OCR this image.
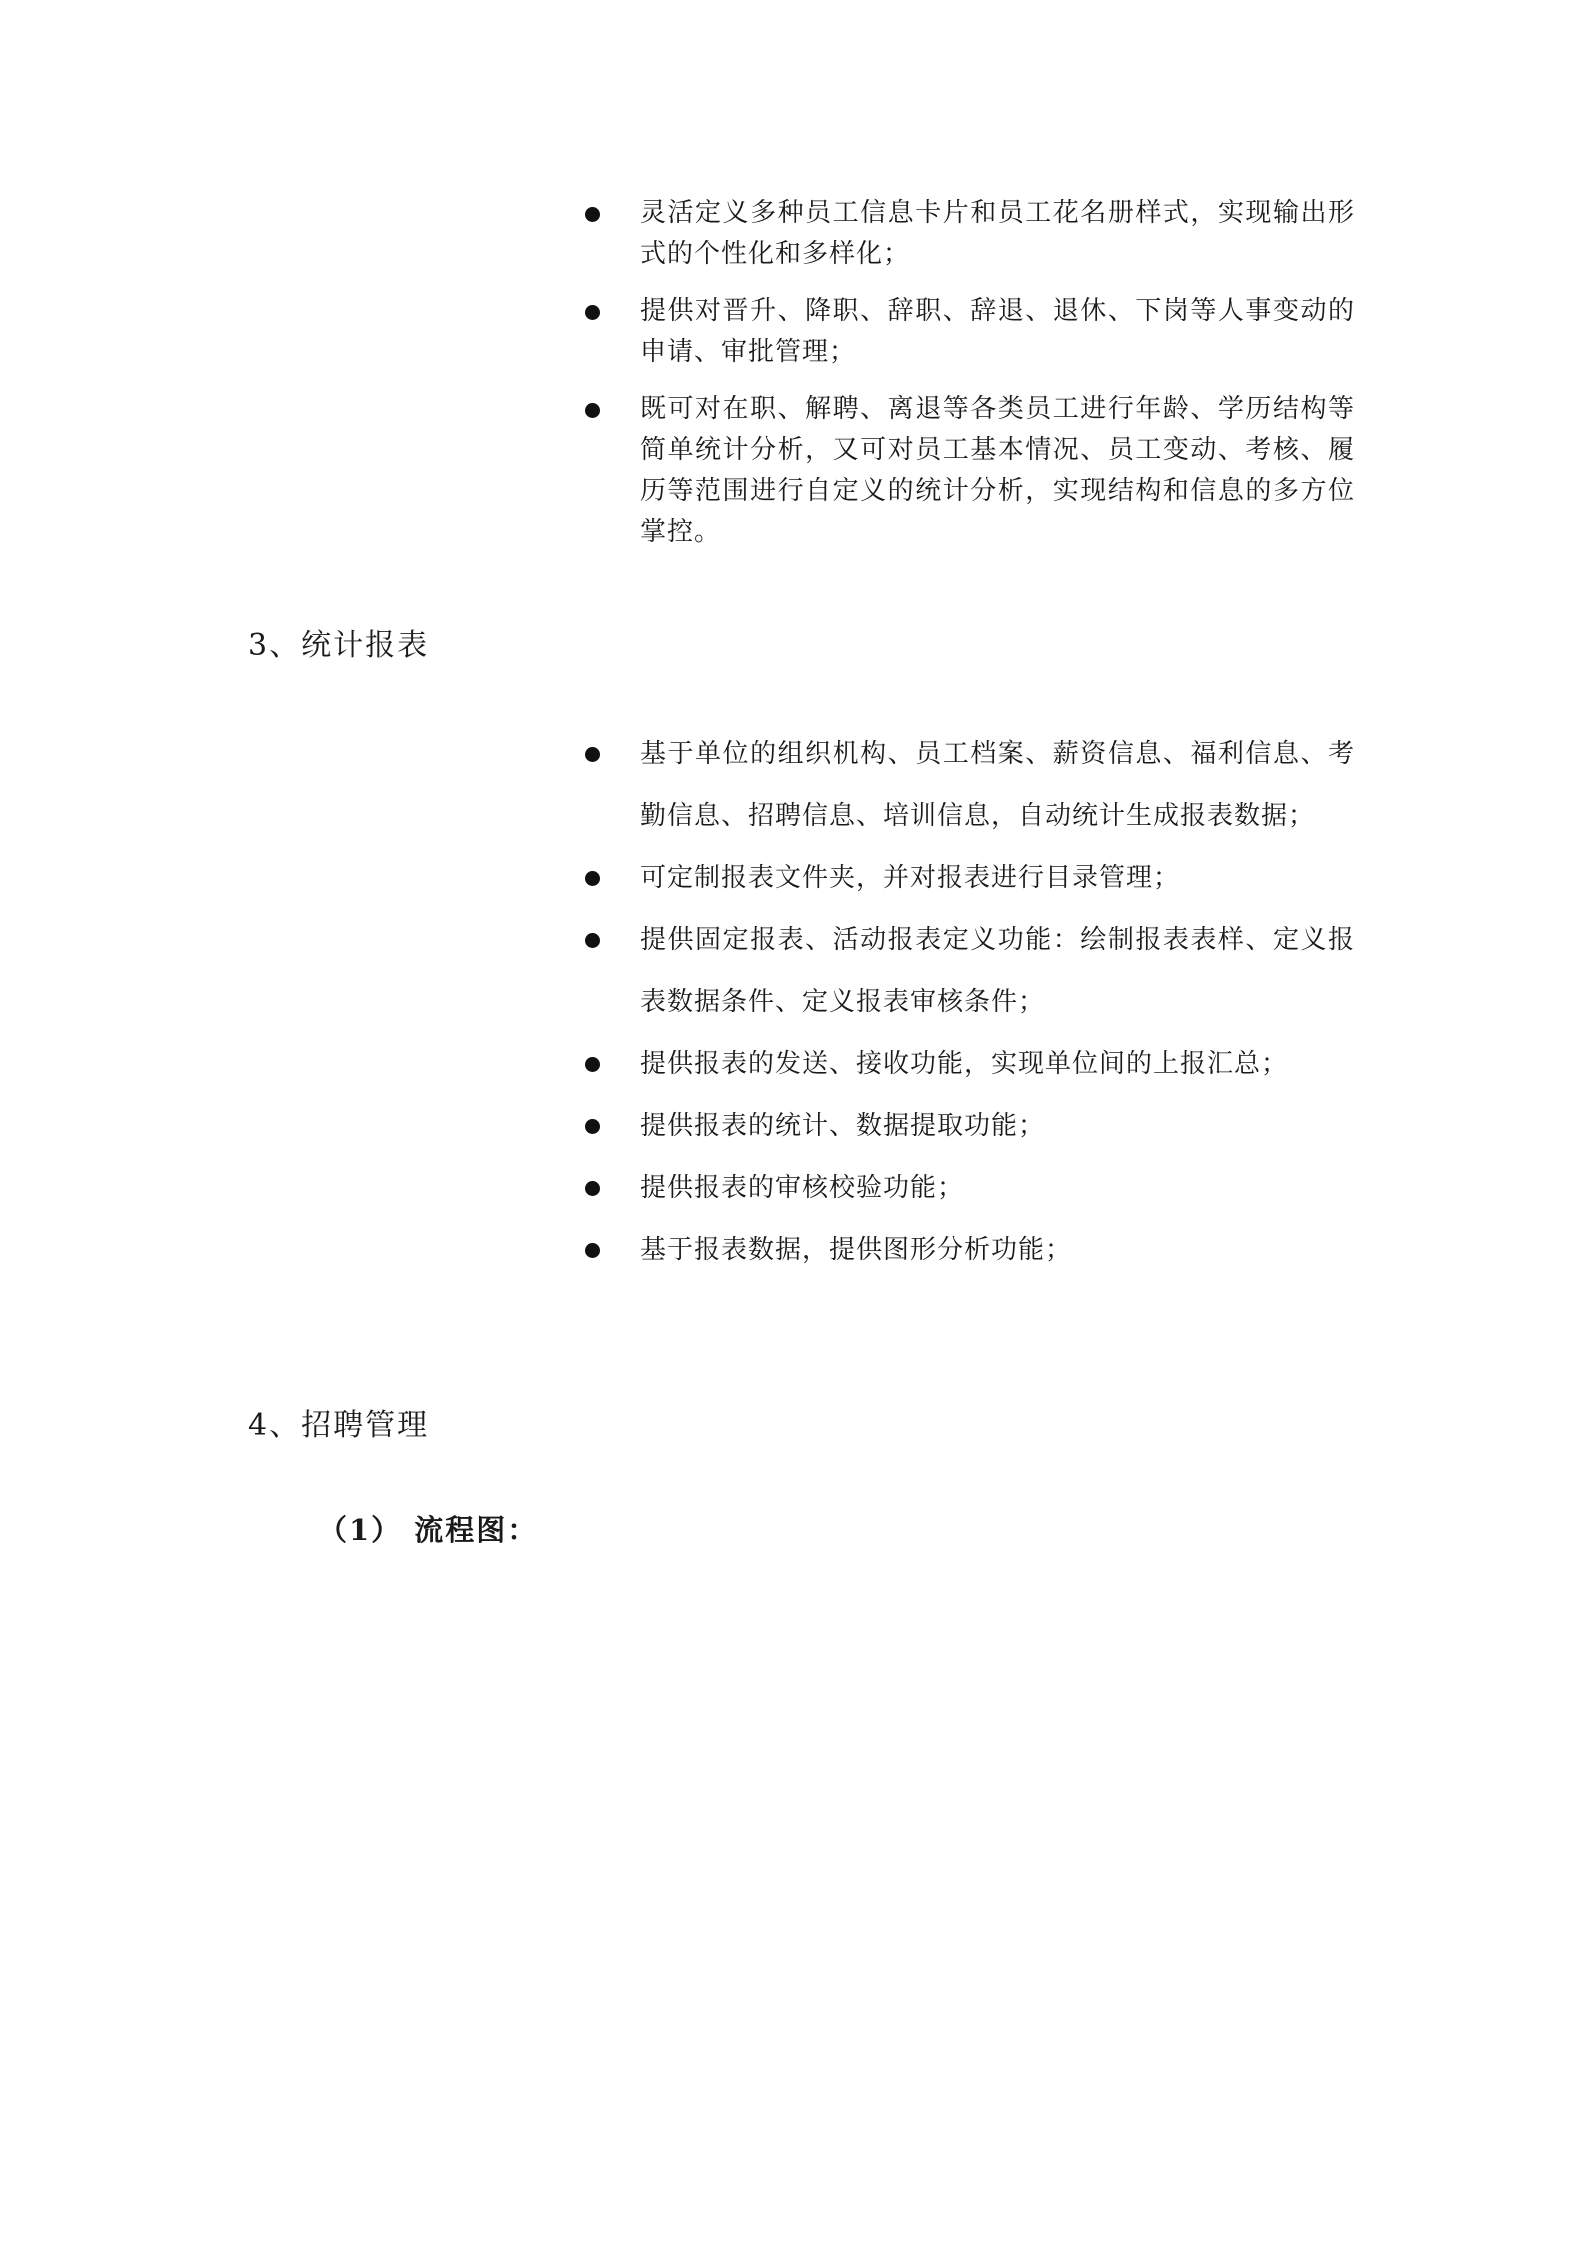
灵活定义多种员工信息卡片和员工花名册样式，实现输出形式的个性化和多样化；
提供对晋升、降职、辞职、辞退、退休、下岗等人事变动的申请、审批管理；
既可对在职、解聘、离退等各类员工进行年龄、学历结构等简单统计分析，又可对员工基本情况、员工变动、考核、履历等范围进行自定义的统计分析，实现结构和信息的多方位掌控。
3、统计报表
基于单位的组织机构、员工档案、薪资信息、福利信息、考勤信息、招聘信息、培训信息，自动统计生成报表数据；
可定制报表文件夹，并对报表进行目录管理；
提供固定报表、活动报表定义功能：绘制报表表样、定义报表数据条件、定义报表审核条件；
提供报表的发送、接收功能，实现单位间的上报汇总；
提供报表的统计、数据提取功能；
提供报表的审核校验功能；
基于报表数据，提供图形分析功能；
4、招聘管理
（1） 流程图：
